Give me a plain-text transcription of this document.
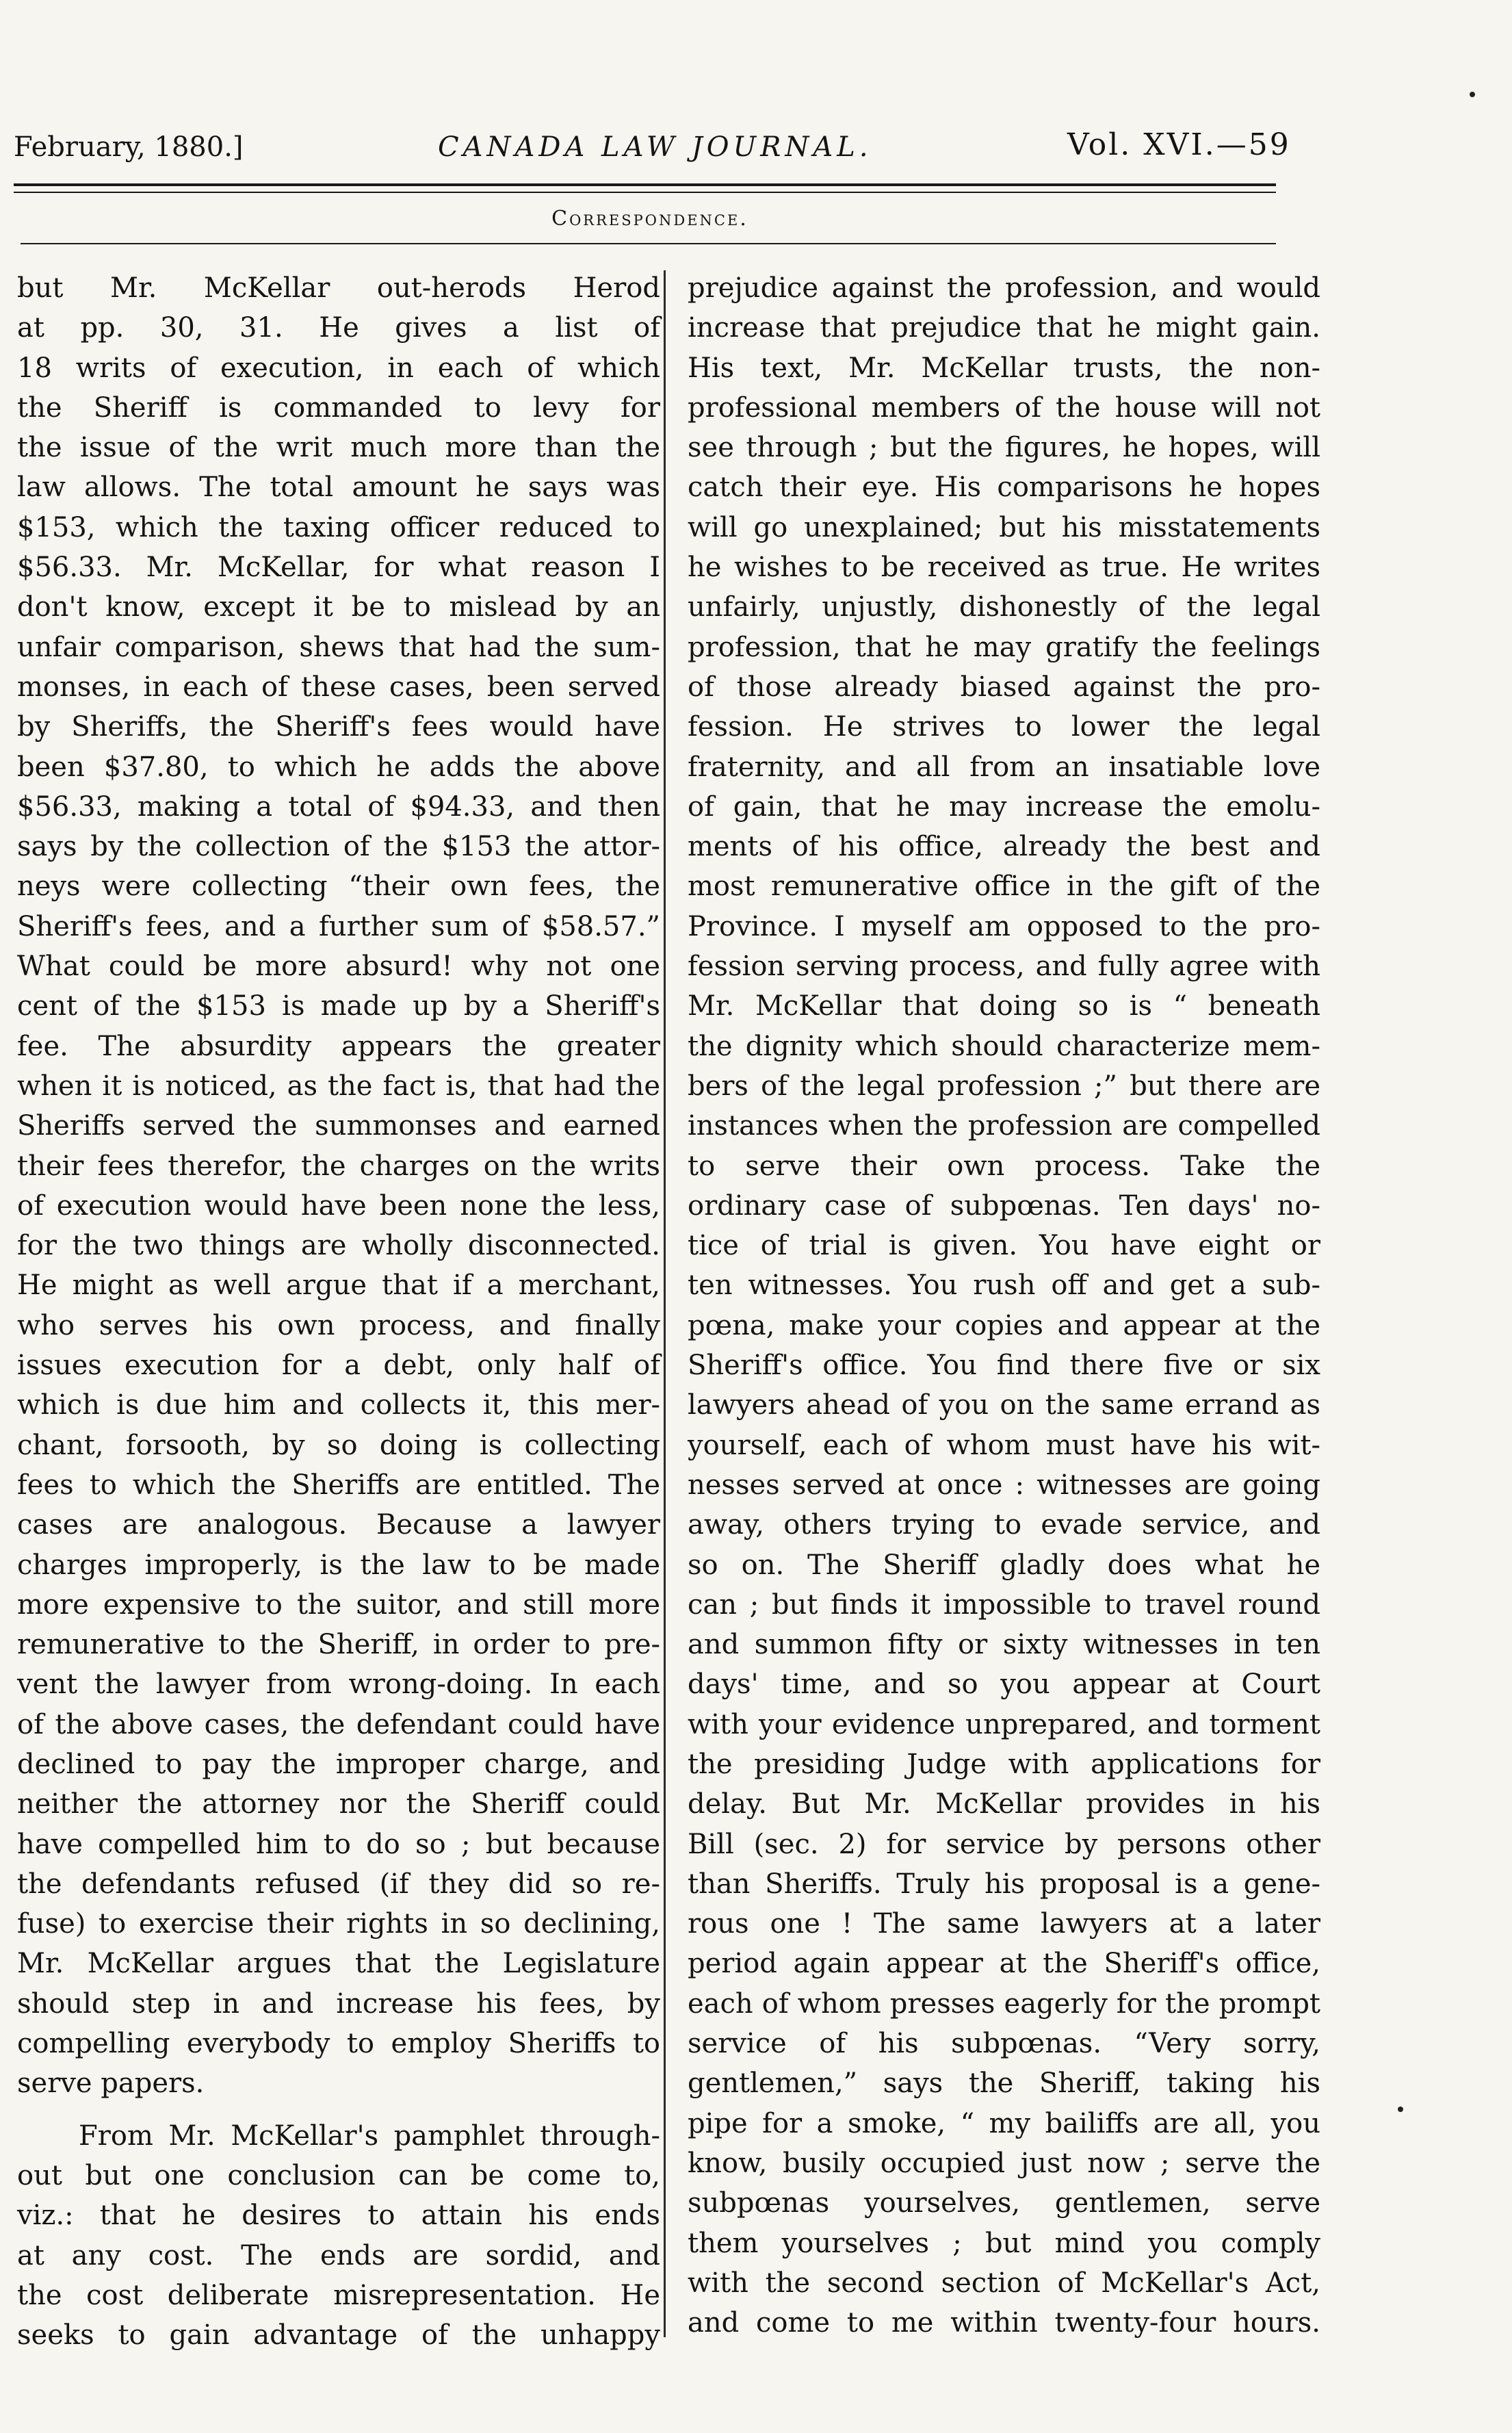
February, 1880.]	CANADA LAW JOURNAL.	Vol. XVI.—59
Correspondence.
but Mr. McKellar out-herods Herod
at pp. 30, 31. He gives a list of
18 writs of execution, in each of which
the Sheriff is commanded to levy for
the issue of the writ much more than the
law allows. The total amount he says was
$153, which the taxing officer reduced to
$56.33. Mr. McKellar, for what reason I
don't know, except it be to mislead by an
unfair comparison, shews that had the sum-
monses, in each of these cases, been served
by Sheriffs, the Sheriff's fees would have
been $37.80, to which he adds the above
$56.33, making a total of $94.33, and then
says by the collection of the $153 the attor-
neys were collecting “their own fees, the
Sheriff's fees, and a further sum of $58.57.”
What could be more absurd! why not one
cent of the $153 is made up by a Sheriff's
fee. The absurdity appears the greater
when it is noticed, as the fact is, that had the
Sheriffs served the summonses and earned
their fees therefor, the charges on the writs
of execution would have been none the less,
for the two things are wholly disconnected.
He might as well argue that if a merchant,
who serves his own process, and finally
issues execution for a debt, only half of
which is due him and collects it, this mer-
chant, forsooth, by so doing is collecting
fees to which the Sheriffs are entitled. The
cases are analogous. Because a lawyer
charges improperly, is the law to be made
more expensive to the suitor, and still more
remunerative to the Sheriff, in order to pre-
vent the lawyer from wrong-doing. In each
of the above cases, the defendant could have
declined to pay the improper charge, and
neither the attorney nor the Sheriff could
have compelled him to do so ; but because
the defendants refused (if they did so re-
fuse) to exercise their rights in so declining,
Mr. McKellar argues that the Legislature
should step in and increase his fees, by
compelling everybody to employ Sheriffs to
serve papers.
From Mr. McKellar's pamphlet through-
out but one conclusion can be come to,
viz.: that he desires to attain his ends
at any cost. The ends are sordid, and
the cost deliberate misrepresentation. He
seeks to gain advantage of the unhappy
prejudice against the profession, and would
increase that prejudice that he might gain.
His text, Mr. McKellar trusts, the non-
professional members of the house will not
see through ; but the figures, he hopes, will
catch their eye. His comparisons he hopes
will go unexplained; but his misstatements
he wishes to be received as true. He writes
unfairly, unjustly, dishonestly of the legal
profession, that he may gratify the feelings
of those already biased against the pro-
fession. He strives to lower the legal
fraternity, and all from an insatiable love
of gain, that he may increase the emolu-
ments of his office, already the best and
most remunerative office in the gift of the
Province. I myself am opposed to the pro-
fession serving process, and fully agree with
Mr. McKellar that doing so is “ beneath
the dignity which should characterize mem-
bers of the legal profession ;” but there are
instances when the profession are compelled
to serve their own process. Take the
ordinary case of subpœnas. Ten days' no-
tice of trial is given. You have eight or
ten witnesses. You rush off and get a sub-
pœna, make your copies and appear at the
Sheriff's office. You find there five or six
lawyers ahead of you on the same errand as
yourself, each of whom must have his wit-
nesses served at once : witnesses are going
away, others trying to evade service, and
so on. The Sheriff gladly does what he
can ; but finds it impossible to travel round
and summon fifty or sixty witnesses in ten
days' time, and so you appear at Court
with your evidence unprepared, and torment
the presiding Judge with applications for
delay. But Mr. McKellar provides in his
Bill (sec. 2) for service by persons other
than Sheriffs. Truly his proposal is a gene-
rous one ! The same lawyers at a later
period again appear at the Sheriff's office,
each of whom presses eagerly for the prompt
service of his subpœnas. “Very sorry,
gentlemen,” says the Sheriff, taking his
pipe for a smoke, “ my bailiffs are all, you
know, busily occupied just now ; serve the
subpœnas yourselves, gentlemen, serve
them yourselves ; but mind you comply
with the second section of McKellar's Act,
and come to me within twenty-four hours.
